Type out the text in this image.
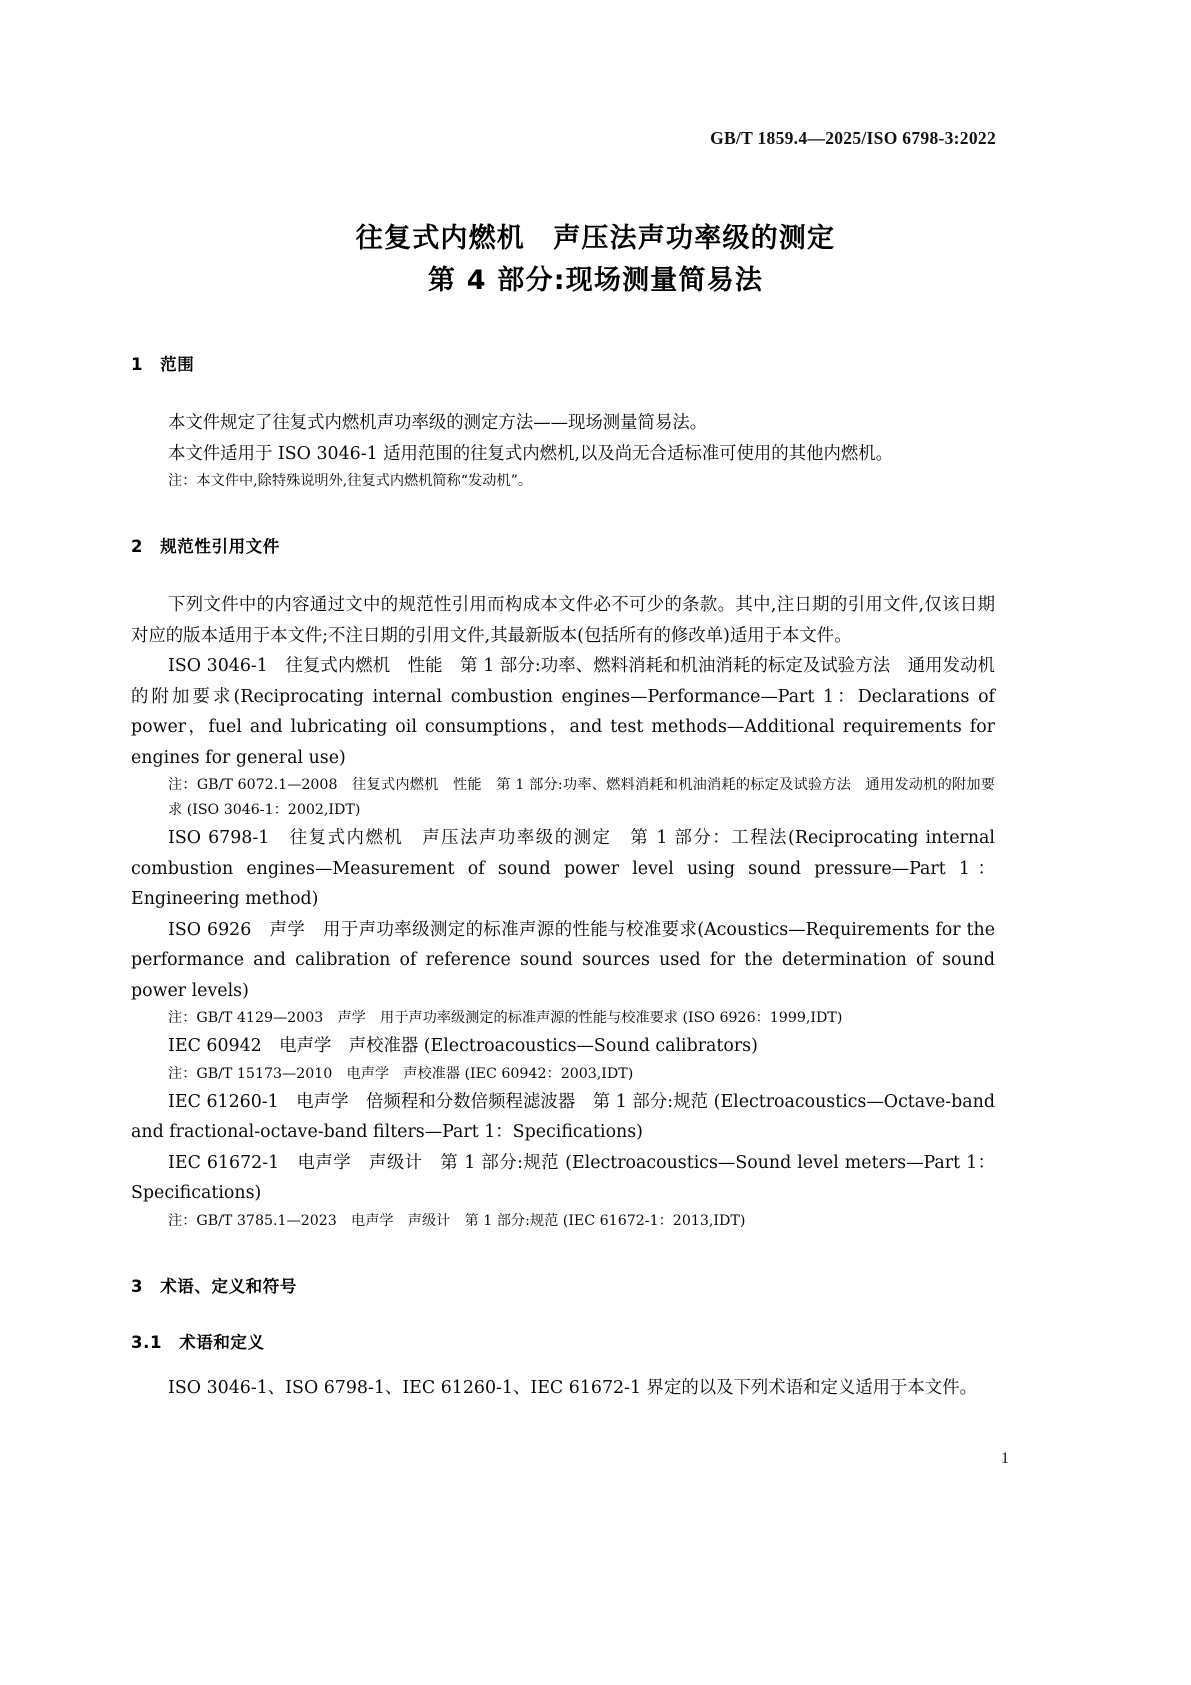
GB/T 1859.4—2025/ISO 6798-3:2022
往复式内燃机　声压法声功率级的测定
第 4 部分:现场测量简易法
1　范围

本文件规定了往复式内燃机声功率级的测定方法——现场测量简易法。

本文件适用于 ISO 3046-1 适用范围的往复式内燃机,以及尚无合适标准可使用的其他内燃机。

注：本文件中,除特殊说明外,往复式内燃机简称“发动机”。

2　规范性引用文件

下列文件中的内容通过文中的规范性引用而构成本文件必不可少的条款。其中,注日期的引用文件,仅该日期对应的版本适用于本文件;不注日期的引用文件,其最新版本(包括所有的修改单)适用于本文件。

ISO 3046-1　往复式内燃机　性能　第 1 部分:功率、燃料消耗和机油消耗的标定及试验方法　通用发动机的附加要求(Reciprocating internal combustion engines—Performance—Part 1：Declarations of power，fuel and lubricating oil consumptions，and test methods—Additional requirements for engines for general use)

注：GB/T 6072.1—2008　往复式内燃机　性能　第 1 部分:功率、燃料消耗和机油消耗的标定及试验方法　通用发动机的附加要求 (ISO 3046-1：2002,IDT)

ISO 6798-1　往复式内燃机　声压法声功率级的测定　第 1 部分：工程法(Reciprocating internal combustion engines—Measurement of sound power level using sound pressure—Part 1：Engineering method)

ISO 6926　声学　用于声功率级测定的标准声源的性能与校准要求(Acoustics—Requirements for the performance and calibration of reference sound sources used for the determination of sound power levels)

注：GB/T 4129—2003　声学　用于声功率级测定的标准声源的性能与校准要求 (ISO 6926：1999,IDT)

IEC 60942　电声学　声校准器 (Electroacoustics—Sound calibrators)

注：GB/T 15173—2010　电声学　声校准器 (IEC 60942：2003,IDT)

IEC 61260-1　电声学　倍频程和分数倍频程滤波器　第 1 部分:规范 (Electroacoustics—Octave-band and fractional-octave-band filters—Part 1：Specifications)

IEC 61672-1　电声学　声级计　第 1 部分:规范 (Electroacoustics—Sound level meters—Part 1：Specifications)

注：GB/T 3785.1—2023　电声学　声级计　第 1 部分:规范 (IEC 61672-1：2013,IDT)

3　术语、定义和符号
3.1　术语和定义

ISO 3046-1、ISO 6798-1、IEC 61260-1、IEC 61672-1 界定的以及下列术语和定义适用于本文件。

1
